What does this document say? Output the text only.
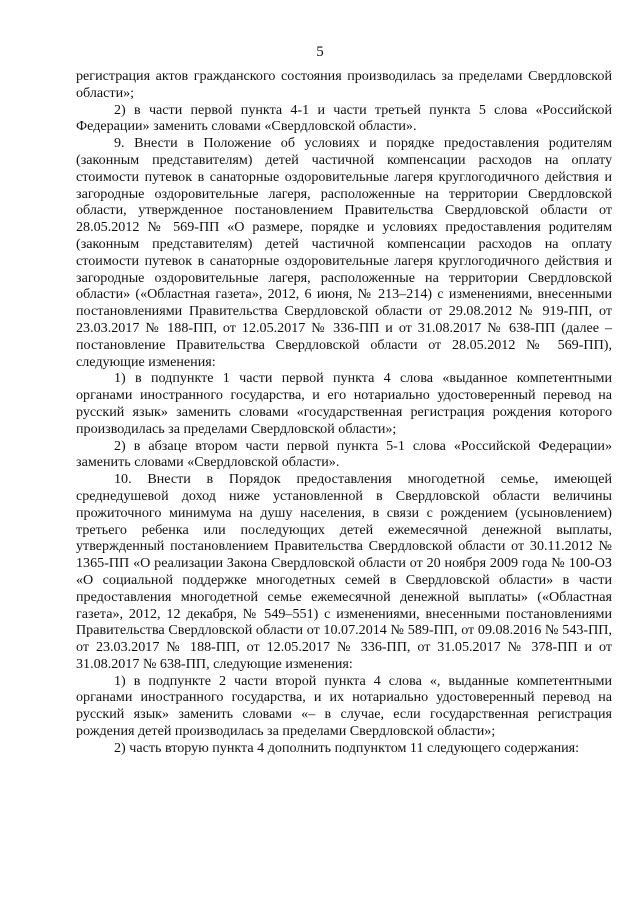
5

регистрация актов гражданского состояния производилась за пределами Свердловской области»;

2) в части первой пункта 4-1 и части третьей пункта 5 слова «Российской Федерации» заменить словами «Свердловской области».

9. Внести в Положение об условиях и порядке предоставления родителям (законным представителям) детей частичной компенсации расходов на оплату стоимости путевок в санаторные оздоровительные лагеря круглогодичного действия и загородные оздоровительные лагеря, расположенные на территории Свердловской области, утвержденное постановлением Правительства Свердловской области от 28.05.2012 № 569-ПП «О размере, порядке и условиях предоставления родителям (законным представителям) детей частичной компенсации расходов на оплату стоимости путевок в санаторные оздоровительные лагеря круглогодичного действия и загородные оздоровительные лагеря, расположенные на территории Свердловской области» («Областная газета», 2012, 6 июня, № 213–214) с изменениями, внесенными постановлениями Правительства Свердловской области от 29.08.2012 № 919-ПП, от 23.03.2017 № 188-ПП, от 12.05.2017 № 336-ПП и от 31.08.2017 № 638-ПП (далее – постановление Правительства Свердловской области от 28.05.2012 № 569-ПП), следующие изменения:

1) в подпункте 1 части первой пункта 4 слова «выданное компетентными органами иностранного государства, и его нотариально удостоверенный перевод на русский язык» заменить словами «государственная регистрация рождения которого производилась за пределами Свердловской области»;

2) в абзаце втором части первой пункта 5-1 слова «Российской Федерации» заменить словами «Свердловской области».

10. Внести в Порядок предоставления многодетной семье, имеющей среднедушевой доход ниже установленной в Свердловской области величины прожиточного минимума на душу населения, в связи с рождением (усыновлением) третьего ребенка или последующих детей ежемесячной денежной выплаты, утвержденный постановлением Правительства Свердловской области от 30.11.2012 № 1365-ПП «О реализации Закона Свердловской области от 20 ноября 2009 года № 100-ОЗ «О социальной поддержке многодетных семей в Свердловской области» в части предоставления многодетной семье ежемесячной денежной выплаты» («Областная газета», 2012, 12 декабря, № 549–551) с изменениями, внесенными постановлениями Правительства Свердловской области от 10.07.2014 № 589-ПП, от 09.08.2016 № 543-ПП, от 23.03.2017 № 188-ПП, от 12.05.2017 № 336-ПП, от 31.05.2017 № 378-ПП и от 31.08.2017 № 638-ПП, следующие изменения:

1) в подпункте 2 части второй пункта 4 слова «, выданные компетентными органами иностранного государства, и их нотариально удостоверенный перевод на русский язык» заменить словами «– в случае, если государственная регистрация рождения детей производилась за пределами Свердловской области»;

2) часть вторую пункта 4 дополнить подпунктом 11 следующего содержания:
